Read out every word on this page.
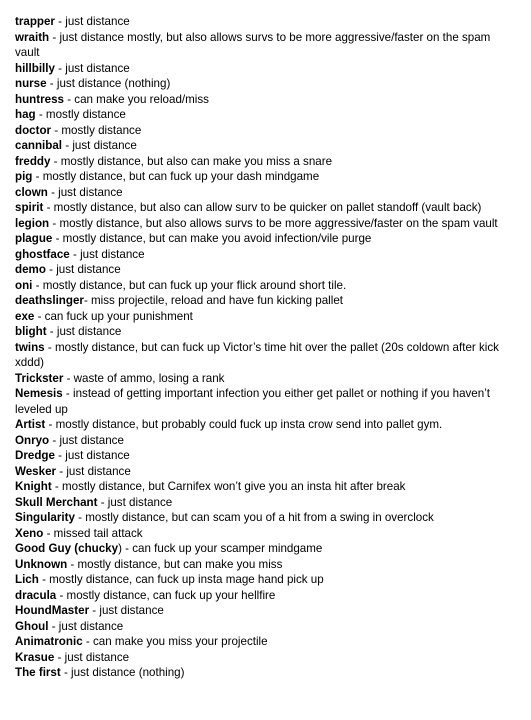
trapper - just distance
wraith - just distance mostly, but also allows survs to be more aggressive/faster on the spam vault
hillbilly - just distance
nurse - just distance (nothing)
huntress - can make you reload/miss
hag - mostly distance
doctor - mostly distance
cannibal - just distance
freddy - mostly distance, but also can make you miss a snare
pig - mostly distance, but can fuck up your dash mindgame
clown - just distance
spirit - mostly distance, but also can allow surv to be quicker on pallet standoff (vault back)
legion - mostly distance, but also allows survs to be more aggressive/faster on the spam vault
plague - mostly distance, but can make you avoid infection/vile purge
ghostface - just distance
demo - just distance
oni - mostly distance, but can fuck up your flick around short tile.
deathslinger- miss projectile, reload and have fun kicking pallet
exe - can fuck up your punishment
blight - just distance
twins - mostly distance, but can fuck up Victor’s time hit over the pallet (20s coldown after kick xddd)
Trickster - waste of ammo, losing a rank
Nemesis - instead of getting important infection you either get pallet or nothing if you haven’t leveled up
Artist - mostly distance, but probably could fuck up insta crow send into pallet gym.
Onryo - just distance
Dredge - just distance
Wesker - just distance
Knight - mostly distance, but Carnifex won’t give you an insta hit after break
Skull Merchant - just distance
Singularity - mostly distance, but can scam you of a hit from a swing in overclock
Xeno - missed tail attack
Good Guy (chucky) - can fuck up your scamper mindgame
Unknown - mostly distance, but can make you miss
Lich - mostly distance, can fuck up insta mage hand pick up
dracula - mostly distance, can fuck up your hellfire
HoundMaster - just distance
Ghoul - just distance
Animatronic - can make you miss your projectile
Krasue - just distance
The first - just distance (nothing)
